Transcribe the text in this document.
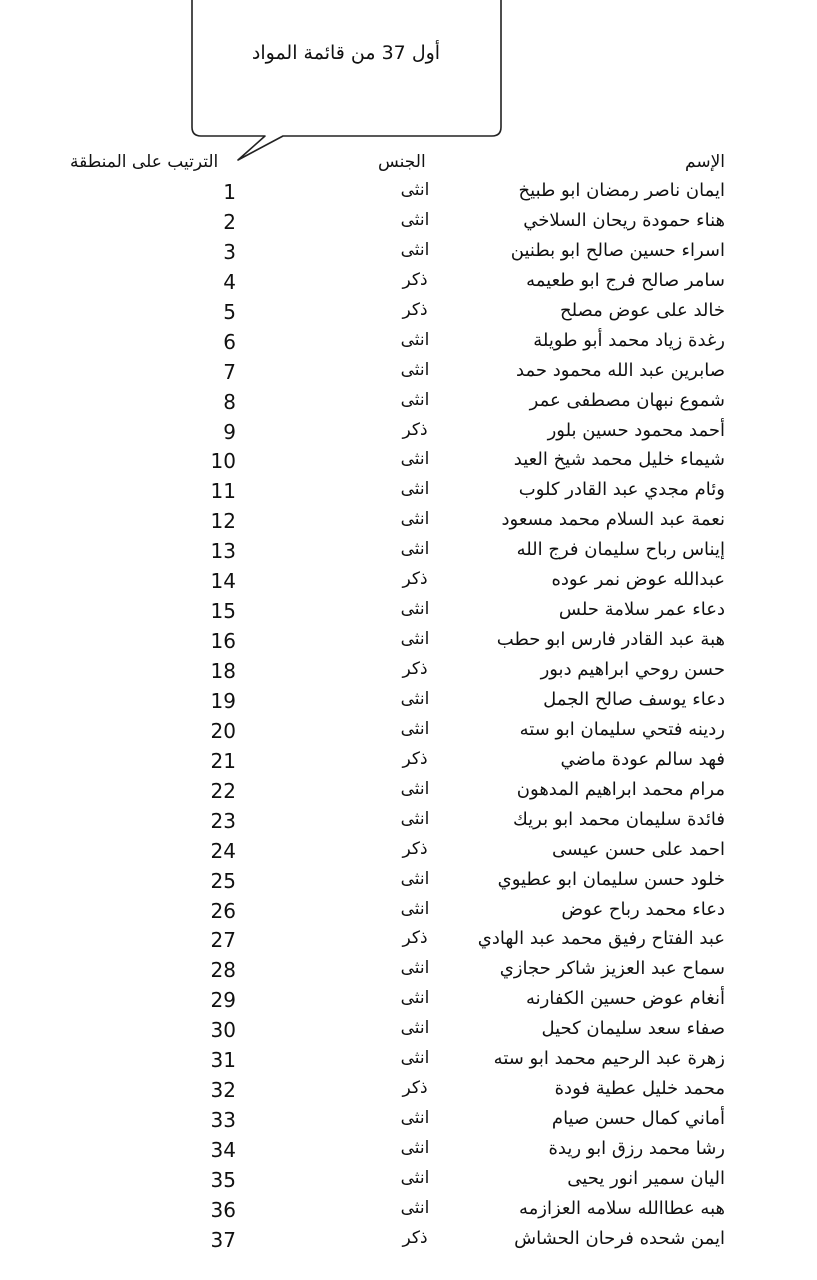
أول 37 من قائمة المواد
الإسم
الجنس
الترتيب على المنطقة
ايمان ناصر رمضان ابو طبيخ
انثى
1
هناء حمودة ريحان السلاخي
انثى
2
اسراء حسين صالح ابو بطنين
انثى
3
سامر صالح فرج ابو طعيمه
ذكر
4
خالد على عوض مصلح
ذكر
5
رغدة زياد محمد أبو طويلة
انثى
6
صابرين عبد الله محمود حمد
انثى
7
شموع نبهان مصطفى عمر
انثى
8
أحمد محمود حسين بلور
ذكر
9
شيماء خليل محمد شيخ العيد
انثى
10
وئام مجدي عبد القادر كلوب
انثى
11
نعمة عبد السلام محمد مسعود
انثى
12
إيناس رباح سليمان فرج الله
انثى
13
عبدالله عوض نمر عوده
ذكر
14
دعاء عمر سلامة حلس
انثى
15
هبة عبد القادر فارس ابو حطب
انثى
16
حسن روحي ابراهيم دبور
ذكر
18
دعاء يوسف صالح الجمل
انثى
19
ردينه فتحي سليمان ابو سته
انثى
20
فهد سالم عودة ماضي
ذكر
21
مرام محمد ابراهيم المدهون
انثى
22
فائدة سليمان محمد ابو بريك
انثى
23
احمد على حسن عيسى
ذكر
24
خلود حسن سليمان ابو عطيوي
انثى
25
دعاء محمد رباح عوض
انثى
26
عبد الفتاح رفيق محمد عبد الهادي
ذكر
27
سماح عبد العزيز شاكر حجازي
انثى
28
أنغام عوض حسين الكفارنه
انثى
29
صفاء سعد سليمان كحيل
انثى
30
زهرة عبد الرحيم محمد ابو سته
انثى
31
محمد خليل عطية فودة
ذكر
32
أماني كمال حسن صيام
انثى
33
رشا محمد رزق ابو ريدة
انثى
34
اليان سمير انور يحيى
انثى
35
هبه عطاالله سلامه العزازمه
انثى
36
ايمن شحده فرحان الحشاش
ذكر
37
